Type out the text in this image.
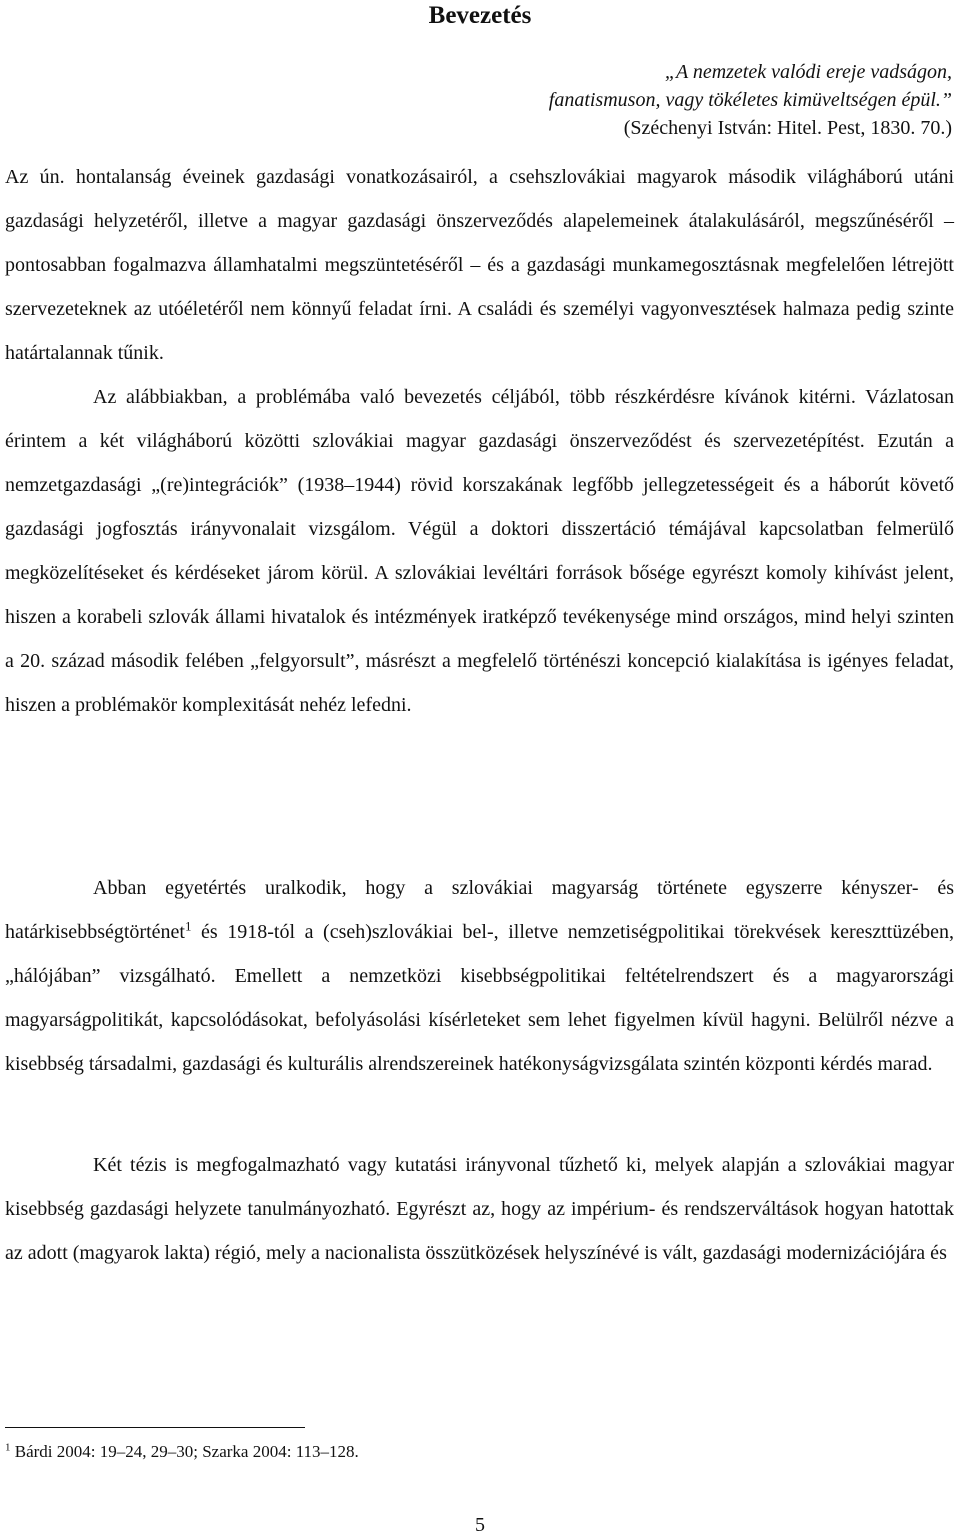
Bevezetés
„A nemzetek valódi ereje vadságon,
fanatismuson, vagy tökéletes kimüveltségen épül.”
(Széchenyi István: Hitel. Pest, 1830. 70.)

Az ún. hontalanság éveinek gazdasági vonatkozásairól, a csehszlovákiai magyarok második világháború utáni gazdasági helyzetéről, illetve a magyar gazdasági önszerveződés alapelemeinek átalakulásáról, megszűnéséről – pontosabban fogalmazva államhatalmi megszüntetéséről – és a gazdasági munkamegosztásnak megfelelően létrejött szervezeteknek az utóéletéről nem könnyű feladat írni. A családi és személyi vagyonvesztések halmaza pedig szinte határtalannak tűnik.

Az alábbiakban, a problémába való bevezetés céljából, több részkérdésre kívánok kitérni. Vázlatosan érintem a két világháború közötti szlovákiai magyar gazdasági önszerveződést és szervezetépítést. Ezután a nemzetgazdasági „(re)integrációk” (1938–1944) rövid korszakának legfőbb jellegzetességeit és a háborút követő gazdasági jogfosztás irányvonalait vizsgálom. Végül a doktori disszertáció témájával kapcsolatban felmerülő megközelítéseket és kérdéseket járom körül. A szlovákiai levéltári források bősége egyrészt komoly kihívást jelent, hiszen a korabeli szlovák állami hivatalok és intézmények iratképző tevékenysége mind országos, mind helyi szinten a 20. század második felében „felgyorsult”, másrészt a megfelelő történészi koncepció kialakítása is igényes feladat, hiszen a problémakör komplexitását nehéz lefedni.

Abban egyetértés uralkodik, hogy a szlovákiai magyarság története egyszerre kényszer- és határkisebbségtörténet$^1$ és 1918-tól a (cseh)szlovákiai bel-, illetve nemzetiségpolitikai törekvések kereszttüzében, „hálójában” vizsgálható. Emellett a nemzetközi kisebbségpolitikai feltételrendszert és a magyarországi magyarságpolitikát, kapcsolódásokat, befolyásolási kísérleteket sem lehet figyelmen kívül hagyni. Belülről nézve a kisebbség társadalmi, gazdasági és kulturális alrendszereinek hatékonyságvizsgálata szintén központi kérdés marad.

Két tézis is megfogalmazható vagy kutatási irányvonal tűzhető ki, melyek alapján a szlovákiai magyar kisebbség gazdasági helyzete tanulmányozható. Egyrészt az, hogy az impérium- és rendszerváltások hogyan hatottak az adott (magyarok lakta) régió, mely a nacionalista összütközések helyszínévé is vált, gazdasági modernizációjára és

$^1$ Bárdi 2004: 19–24, 29–30; Szarka 2004: 113–128.
5
